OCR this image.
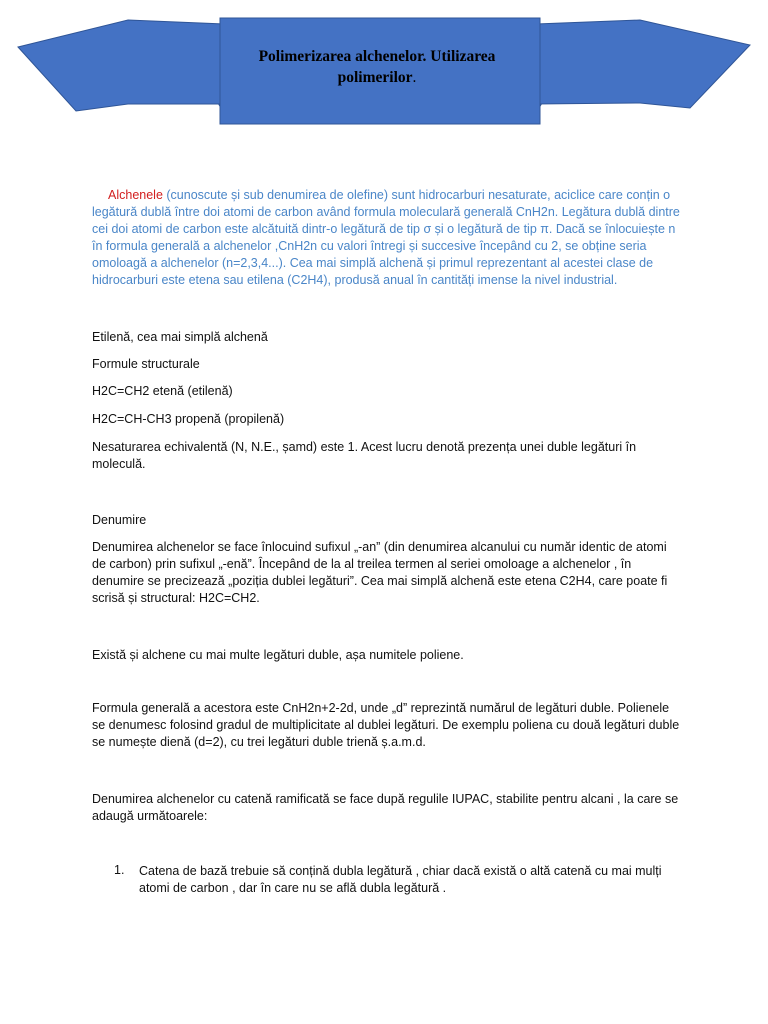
Polimerizarea alchenelor. Utilizarea polimerilor.

Alchenele (cunoscute și sub denumirea de olefine) sunt hidrocarburi nesaturate, aciclice care conțin o legătură dublă între doi atomi de carbon având formula moleculară generală CnH2n. Legătura dublă dintre cei doi atomi de carbon este alcătuită dintr-o legătură de tip σ și o legătură de tip π. Dacă se înlocuiește n în formula generală a alchenelor ,CnH2n cu valori întregi și succesive începând cu 2, se obține seria omoloagă a alchenelor (n=2,3,4...). Cea mai simplă alchenă și primul reprezentant al acestei clase de hidrocarburi este etena sau etilena (C2H4), produsă anual în cantități imense la nivel industrial.

Etilenă, cea mai simplă alchenă

Formule structurale

H2C=CH2 etenă (etilenă)

H2C=CH-CH3 propenă (propilenă)

Nesaturarea echivalentă (N, N.E., șamd) este 1. Acest lucru denotă prezența unei duble legături în moleculă.

Denumire

Denumirea alchenelor se face înlocuind sufixul „-an” (din denumirea alcanului cu număr identic de atomi de carbon) prin sufixul „-enă”. Începând de la al treilea termen al seriei omoloage a alchenelor , în denumire se precizează „poziția dublei legături”. Cea mai simplă alchenă este etena C2H4, care poate fi scrisă și structural: H2C=CH2.

Există și alchene cu mai multe legături duble, așa numitele poliene.

Formula generală a acestora este CnH2n+2-2d, unde „d” reprezintă numărul de legături duble. Polienele se denumesc folosind gradul de multiplicitate al dublei legături. De exemplu poliena cu două legături duble se numește dienă (d=2), cu trei legături duble trienă ș.a.m.d.

Denumirea alchenelor cu catenă ramificată se face după regulile IUPAC, stabilite pentru alcani , la care se adaugă următoarele:

1. Catena de bază trebuie să conțină dubla legătură , chiar dacă există o altă catenă cu mai mulți atomi de carbon , dar în care nu se află dubla legătură .
